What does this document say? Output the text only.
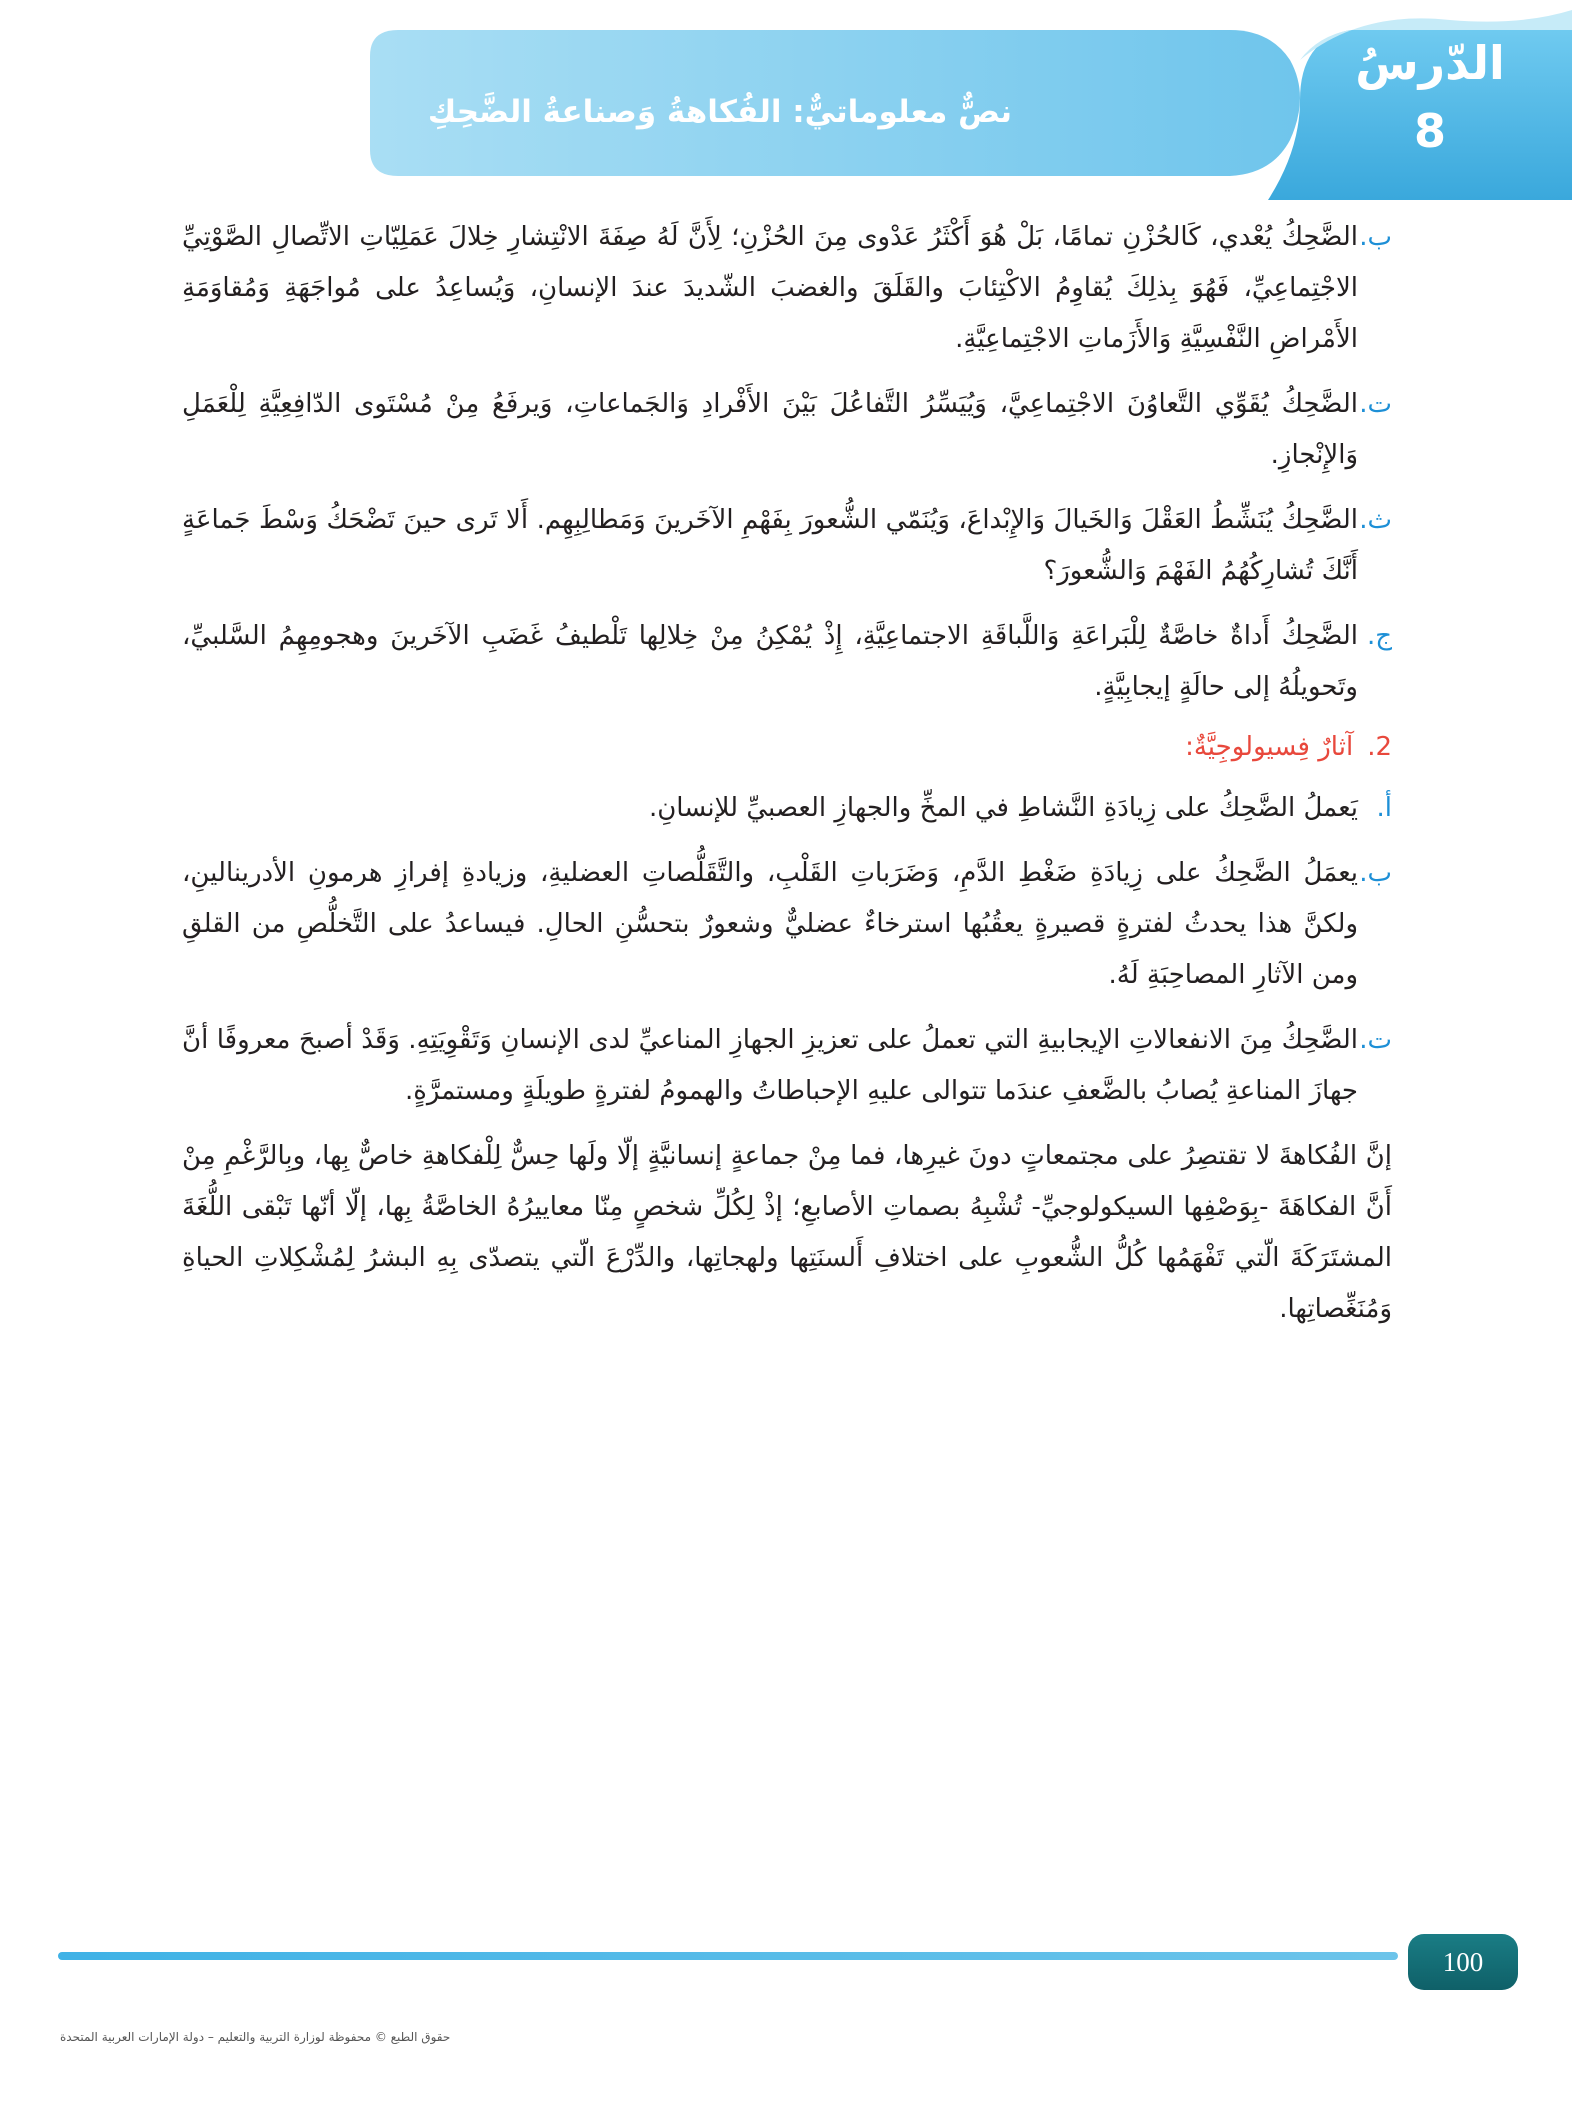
نصٌّ معلوماتيٌّ: الفُكاهةُ وَصناعةُ الضَّحِكِ
الدّرسُ
8
ب.
الضَّحِكُ يُعْدي، كَالحُزْنِ تمامًا، بَلْ هُوَ أَكْثَرُ عَدْوى مِنَ الحُزْنِ؛ لِأَنَّ لَهُ صِفَةَ الانْتِشارِ خِلالَ عَمَلِيّاتِ الاتِّصالِ الصَّوْتِيِّ الاجْتِماعِيِّ، فَهُوَ بِذلِكَ يُقاوِمُ الاكْتِئابَ والقَلَقَ والغضبَ الشّديدَ عندَ الإنسانِ، وَيُساعِدُ على مُواجَهَةِ وَمُقاوَمَةِ الأَمْراضِ النَّفْسِيَّةِ وَالأَزَماتِ الاجْتِماعِيَّةِ.
ت.
الضَّحِكُ يُقَوِّي التَّعاوُنَ الاجْتِماعِيَّ، وَيُيَسِّرُ التَّفاعُلَ بَيْنَ الأَفْرادِ وَالجَماعاتِ، وَيرفَعُ مِنْ مُسْتَوى الدّافِعِيَّةِ لِلْعَمَلِ وَالإِنْجازِ.
ث.
الضَّحِكُ يُنَشِّطُ العَقْلَ وَالخَيالَ وَالإِبْداعَ، وَيُنَمّي الشُّعورَ بِفَهْمِ الآخَرينَ وَمَطالِبِهِم. أَلا تَرى حينَ تَضْحَكُ وَسْطَ جَماعَةٍ أَنَّكَ تُشارِكُهُمُ الفَهْمَ وَالشُّعورَ؟
ج.
الضَّحِكُ أَداةٌ خاصَّةٌ لِلْبَراعَةِ وَاللَّباقَةِ الاجتماعِيَّةِ، إِذْ يُمْكِنُ مِنْ خِلالِها تَلْطيفُ غَضَبِ الآخَرينَ وهجومِهِمُ السَّلبيِّ، وتَحويلُهُ إلى حالَةٍ إيجابِيَّةٍ.
2.آثارٌ فِسيولوجِيَّةٌ:
أ.
يَعملُ الضَّحِكُ على زِيادَةِ النَّشاطِ في المخِّ والجهازِ العصبيِّ للإنسانِ.
ب.
يعمَلُ الضَّحِكُ على زِيادَةِ ضَغْطِ الدَّمِ، وَضَرَباتِ القَلْبِ، والتَّقَلُّصاتِ العضليةِ، وزيادةِ إفرازِ هرمونِ الأدرينالينِ، ولكنَّ هذا يحدثُ لفترةٍ قصيرةٍ يعقُبُها استرخاءٌ عضليٌّ وشعورٌ بتحسُّنِ الحالِ. فيساعدُ على التَّخلُّصِ من القلقِ ومن الآثارِ المصاحِبَةِ لَهُ.
ت.
الضَّحِكُ مِنَ الانفعالاتِ الإيجابيةِ التي تعملُ على تعزيزِ الجهازِ المناعيِّ لدى الإنسانِ وَتَقْوِيَتِهِ. وَقَدْ أصبحَ معروفًا أنَّ جهازَ المناعةِ يُصابُ بالضَّعفِ عندَما تتوالى عليهِ الإحباطاتُ والهمومُ لفترةٍ طويلَةٍ ومستمرَّةٍ.
إنَّ الفُكاهةَ لا تقتصِرُ على مجتمعاتٍ دونَ غيرِها، فما مِنْ جماعةٍ إنسانيَّةٍ إلّا ولَها حِسٌّ لِلْفكاهةِ خاصٌّ بِها، وبِالرَّغْمِ مِنْ أَنَّ الفكاهَةَ -بِوَصْفِها السيكولوجيِّ- تُشْبِهُ بصماتِ الأصابعِ؛ إذْ لِكُلِّ شخصٍ مِنّا معاييرُهُ الخاصَّةُ بِها، إلّا أنّها تَبْقى اللُّغَةَ المشتَرَكَةَ الّتي تَفْهَمُها كُلُّ الشُّعوبِ على اختلافِ أَلسنَتِها ولهجاتِها، والدِّرْعَ الّتي يتصدّى بِهِ البشرُ لِمُشْكِلاتِ الحياةِ وَمُنَغِّصاتِها.
100
حقوق الطبع © محفوظة لوزارة التربية والتعليم – دولة الإمارات العربية المتحدة
